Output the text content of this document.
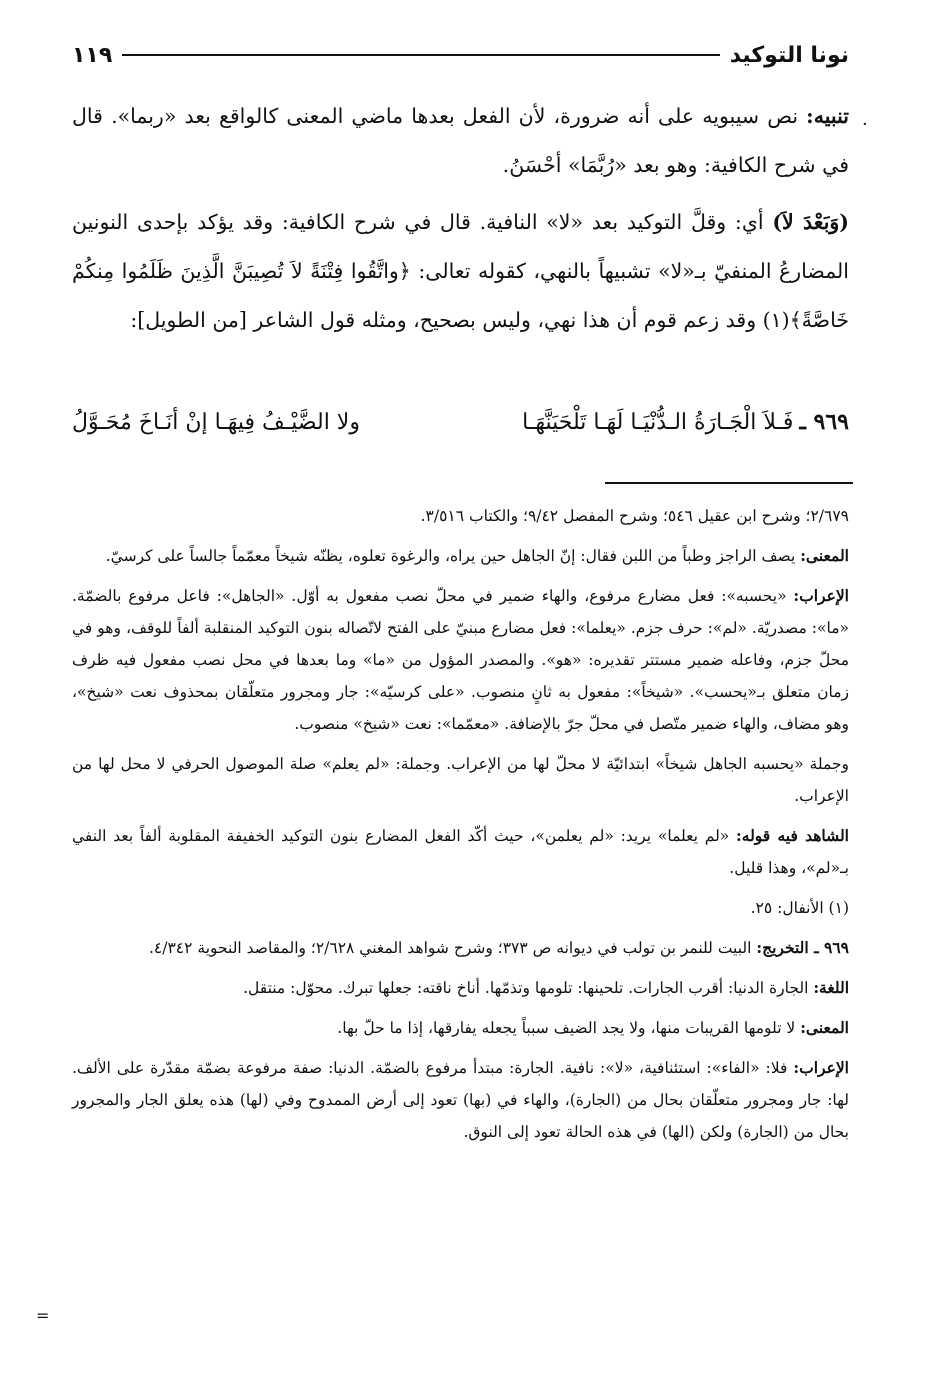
نونا التوكيد
١١٩
·

تنبيه: نص سيبويه على أنه ضرورة، لأن الفعل بعدها ماضي المعنى كالواقع بعد «ربما». قال في شرح الكافية: وهو بعد «رُبَّمَا» أحْسَنُ.

(وَبَعْدَ لاَ) أي: وقلَّ التوكيد بعد «لا» النافية. قال في شرح الكافية: وقد يؤكد بإحدى النونين المضارعُ المنفيّ بـ«لا» تشبيهاً بالنهي، كقوله تعالى: ﴿واتَّقُوا فِتْنَةً لاَ تُصِيبَنَّ الَّذِينَ ظَلَمُوا مِنكُمْ خَاصَّةً﴾(١) وقد زعم قوم أن هذا نهي، وليس بصحيح، ومثله قول الشاعر [من الطويل]:

٩٦٩ ـ
فَـلاَ الْجَـارَةُ الـدُّنْيَـا لَهَـا تَلْحَيَنَّهَـا
ولا الضَّيْـفُ فِيهَـا إنْ أنَـاخَ مُحَـوَّلُ

٢/٦٧٩؛ وشرح ابن عقيل ٥٤٦؛ وشرح المفصل ٩/٤٢؛ والكتاب ٣/٥١٦.

المعنى: يصف الراجز وطباً من اللبن فقال: إنّ الجاهل حين يراه، والرغوة تعلوه، يظنّه شيخاً معمّماً جالساً على كرسيّ.

الإعراب: «يحسبه»: فعل مضارع مرفوع، والهاء ضمير في محلّ نصب مفعول به أوّل. «الجاهل»: فاعل مرفوع بالضمّة. «ما»: مصدريّة. «لم»: حرف جزم. «يعلما»: فعل مضارع مبنيّ على الفتح لاتّصاله بنون التوكيد المنقلبة ألفاً للوقف، وهو في محلّ جزم، وفاعله ضمير مستتر تقديره: «هو». والمصدر المؤول من «ما» وما بعدها في محل نصب مفعول فيه ظرف زمان متعلق بـ«يحسب». «شيخاً»: مفعول به ثانٍ منصوب. «على كرسيّه»: جار ومجرور متعلّقان بمحذوف نعت «شيخ»، وهو مضاف، والهاء ضمير متّصل في محلّ جرّ بالإضافة. «معمّما»: نعت «شيخ» منصوب.

وجملة «يحسبه الجاهل شيخاً» ابتدائيّة لا محلّ لها من الإعراب. وجملة: «لم يعلم» صلة الموصول الحرفي لا محل لها من الإعراب.

الشاهد فيه قوله: «لم يعلما» يريد: «لم يعلمن»، حيث أكّد الفعل المضارع بنون التوكيد الخفيفة المقلوبة ألفاً بعد النفي بـ«لم»، وهذا قليل.

(١) الأنفال: ٢٥.

٩٦٩ ـ التخريج: البيت للنمر بن تولب في ديوانه ص ٣٧٣؛ وشرح شواهد المغني ٢/٦٢٨؛ والمقاصد النحوية ٤/٣٤٢.

اللغة: الجارة الدنيا: أقرب الجارات. تلحينها: تلومها وتذمّها. أناخ ناقته: جعلها تبرك. محوّل: منتقل.

المعنى: لا تلومها القريبات منها، ولا يجد الضيف سبباً يجعله يفارقها، إذا ما حلّ بها.

الإعراب: فلا: «الفاء»: استئنافية، «لا»: نافية. الجارة: مبتدأ مرفوع بالضمّة. الدنيا: صفة مرفوعة بضمّة مقدّرة على الألف. لها: جار ومجرور متعلّقان بحال من (الجارة)، والهاء في (بها) تعود إلى أرض الممدوح وفي (لها) هذه يعلق الجار والمجرور بحال من (الجارة) ولكن (الها) في هذه الحالة تعود إلى النوق.

=
